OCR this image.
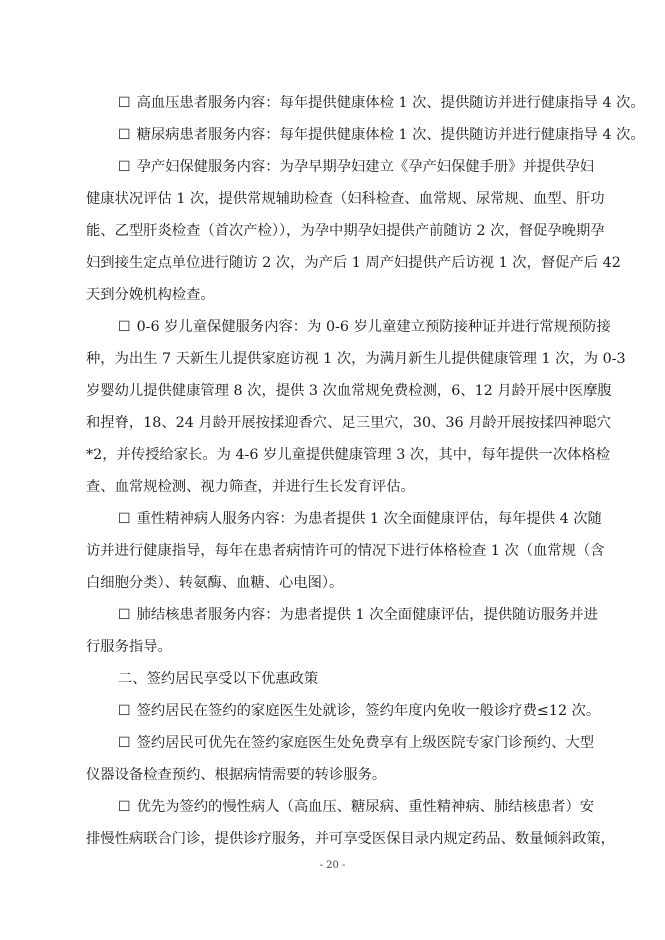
☐ 高血压患者服务内容：每年提供健康体检 1 次、提供随访并进行健康指导 4 次。
☐ 糖尿病患者服务内容：每年提供健康体检 1 次、提供随访并进行健康指导 4 次。
☐ 孕产妇保健服务内容：为孕早期孕妇建立《孕产妇保健手册》并提供孕妇
健康状况评估 1 次，提供常规辅助检查（妇科检查、血常规、尿常规、血型、肝功
能、乙型肝炎检查（首次产检）），为孕中期孕妇提供产前随访 2 次，督促孕晚期孕
妇到接生定点单位进行随访 2 次，为产后 1 周产妇提供产后访视 1 次，督促产后 42
天到分娩机构检查。
☐ 0-6 岁儿童保健服务内容：为 0-6 岁儿童建立预防接种证并进行常规预防接
种，为出生 7 天新生儿提供家庭访视 1 次，为满月新生儿提供健康管理 1 次，为 0-3
岁婴幼儿提供健康管理 8 次，提供 3 次血常规免费检测，6、12 月龄开展中医摩腹
和捏脊，18、24 月龄开展按揉迎香穴、足三里穴，30、36 月龄开展按揉四神聪穴
*2，并传授给家长。为 4-6 岁儿童提供健康管理 3 次，其中，每年提供一次体格检
查、血常规检测、视力筛查，并进行生长发育评估。
☐ 重性精神病人服务内容：为患者提供 1 次全面健康评估，每年提供 4 次随
访并进行健康指导，每年在患者病情许可的情况下进行体格检查 1 次（血常规（含
白细胞分类）、转氨酶、血糖、心电图）。
☐ 肺结核患者服务内容：为患者提供 1 次全面健康评估，提供随访服务并进
行服务指导。
二、签约居民享受以下优惠政策
☐ 签约居民在签约的家庭医生处就诊，签约年度内免收一般诊疗费≤12 次。
☐ 签约居民可优先在签约家庭医生处免费享有上级医院专家门诊预约、大型
仪器设备检查预约、根据病情需要的转诊服务。
☐ 优先为签约的慢性病人（高血压、糖尿病、重性精神病、肺结核患者）安
排慢性病联合门诊，提供诊疗服务，并可享受医保目录内规定药品、数量倾斜政策，
- 20 -
